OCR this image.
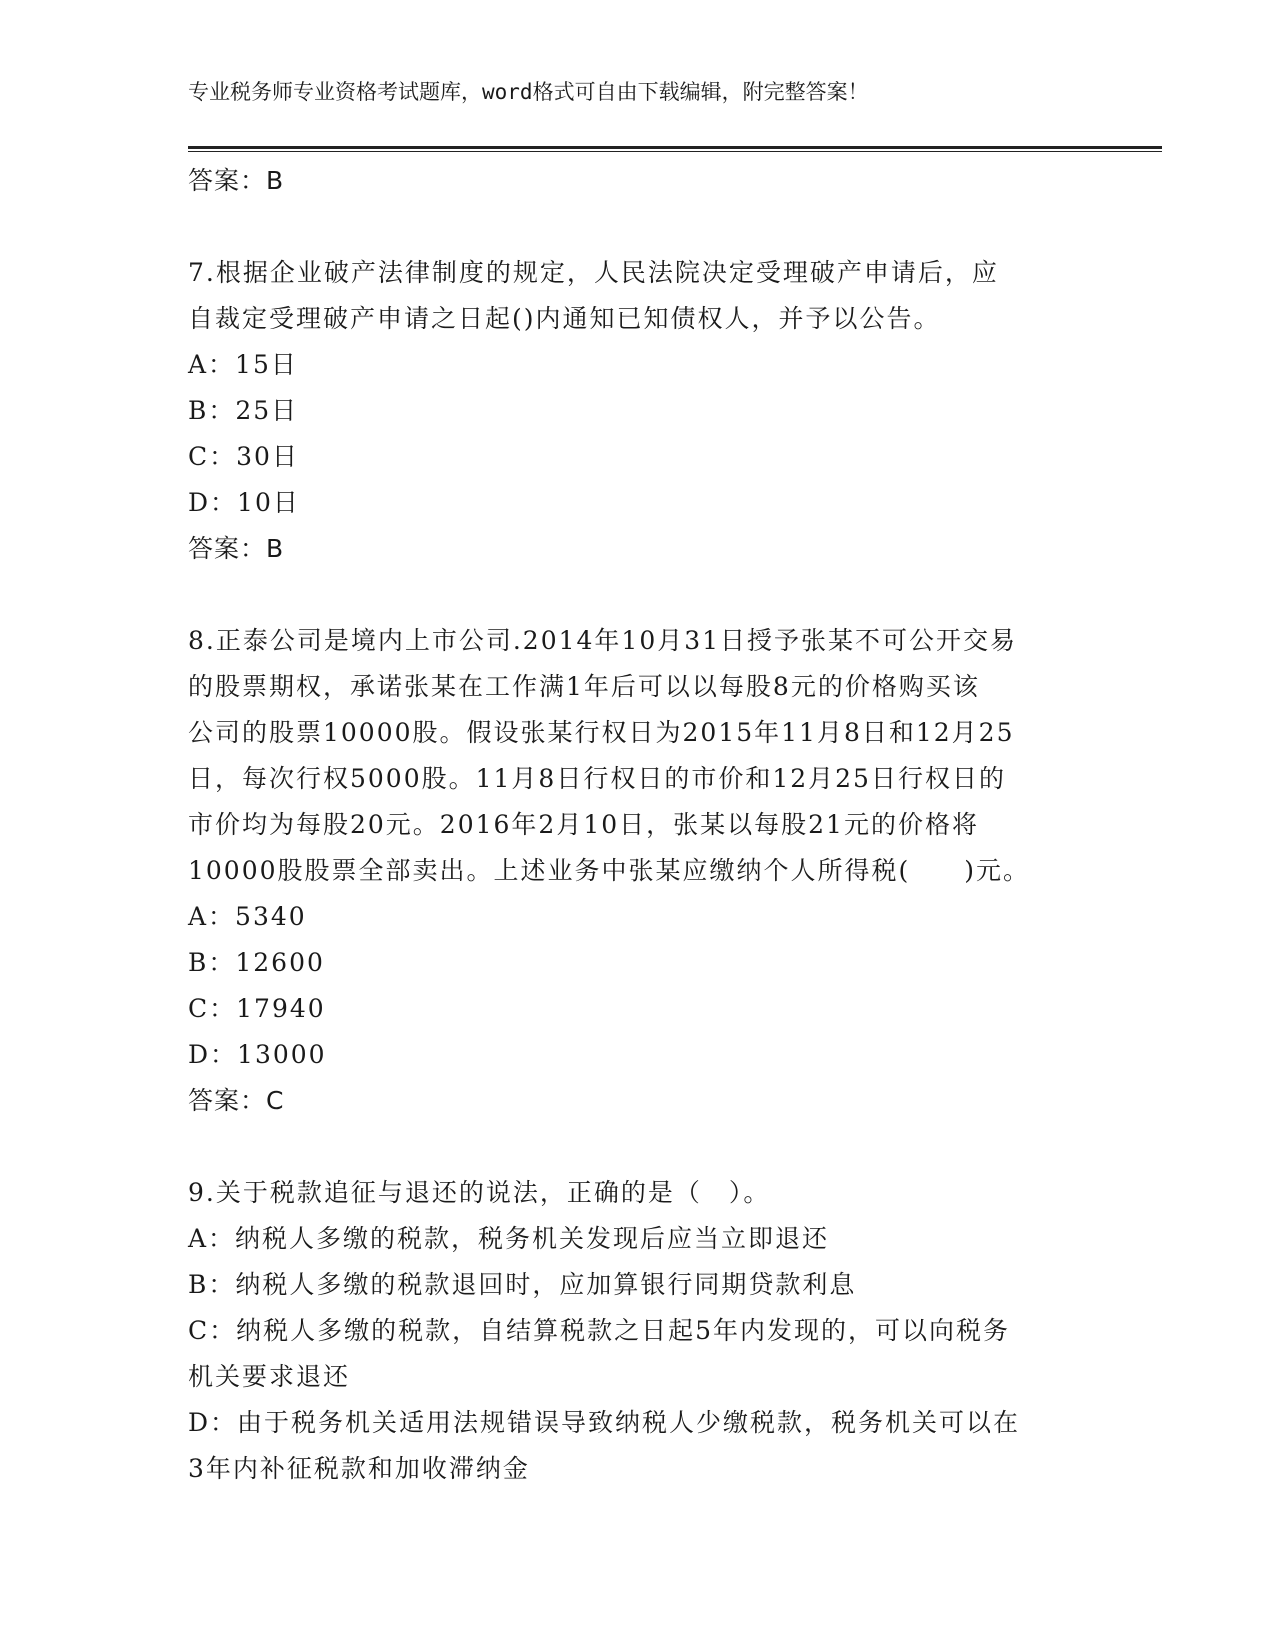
专业税务师专业资格考试题库，word格式可自由下载编辑，附完整答案！

答案：B

7.根据企业破产法律制度的规定，人民法院决定受理破产申请后，应

自裁定受理破产申请之日起()内通知已知债权人，并予以公告。

A：15日

B：25日

C：30日

D：10日

答案：B

8.正泰公司是境内上市公司.2014年10月31日授予张某不可公开交易

的股票期权，承诺张某在工作满1年后可以以每股8元的价格购买该

公司的股票10000股。假设张某行权日为2015年11月8日和12月25

日，每次行权5000股。11月8日行权日的市价和12月25日行权日的

市价均为每股20元。2016年2月10日，张某以每股21元的价格将

10000股股票全部卖出。上述业务中张某应缴纳个人所得税(　　)元。

A：5340

B：12600

C：17940

D：13000

答案：C

9.关于税款追征与退还的说法，正确的是（　）。

A：纳税人多缴的税款，税务机关发现后应当立即退还

B：纳税人多缴的税款退回时，应加算银行同期贷款利息

C：纳税人多缴的税款，自结算税款之日起5年内发现的，可以向税务

机关要求退还

D：由于税务机关适用法规错误导致纳税人少缴税款，税务机关可以在

3年内补征税款和加收滞纳金
